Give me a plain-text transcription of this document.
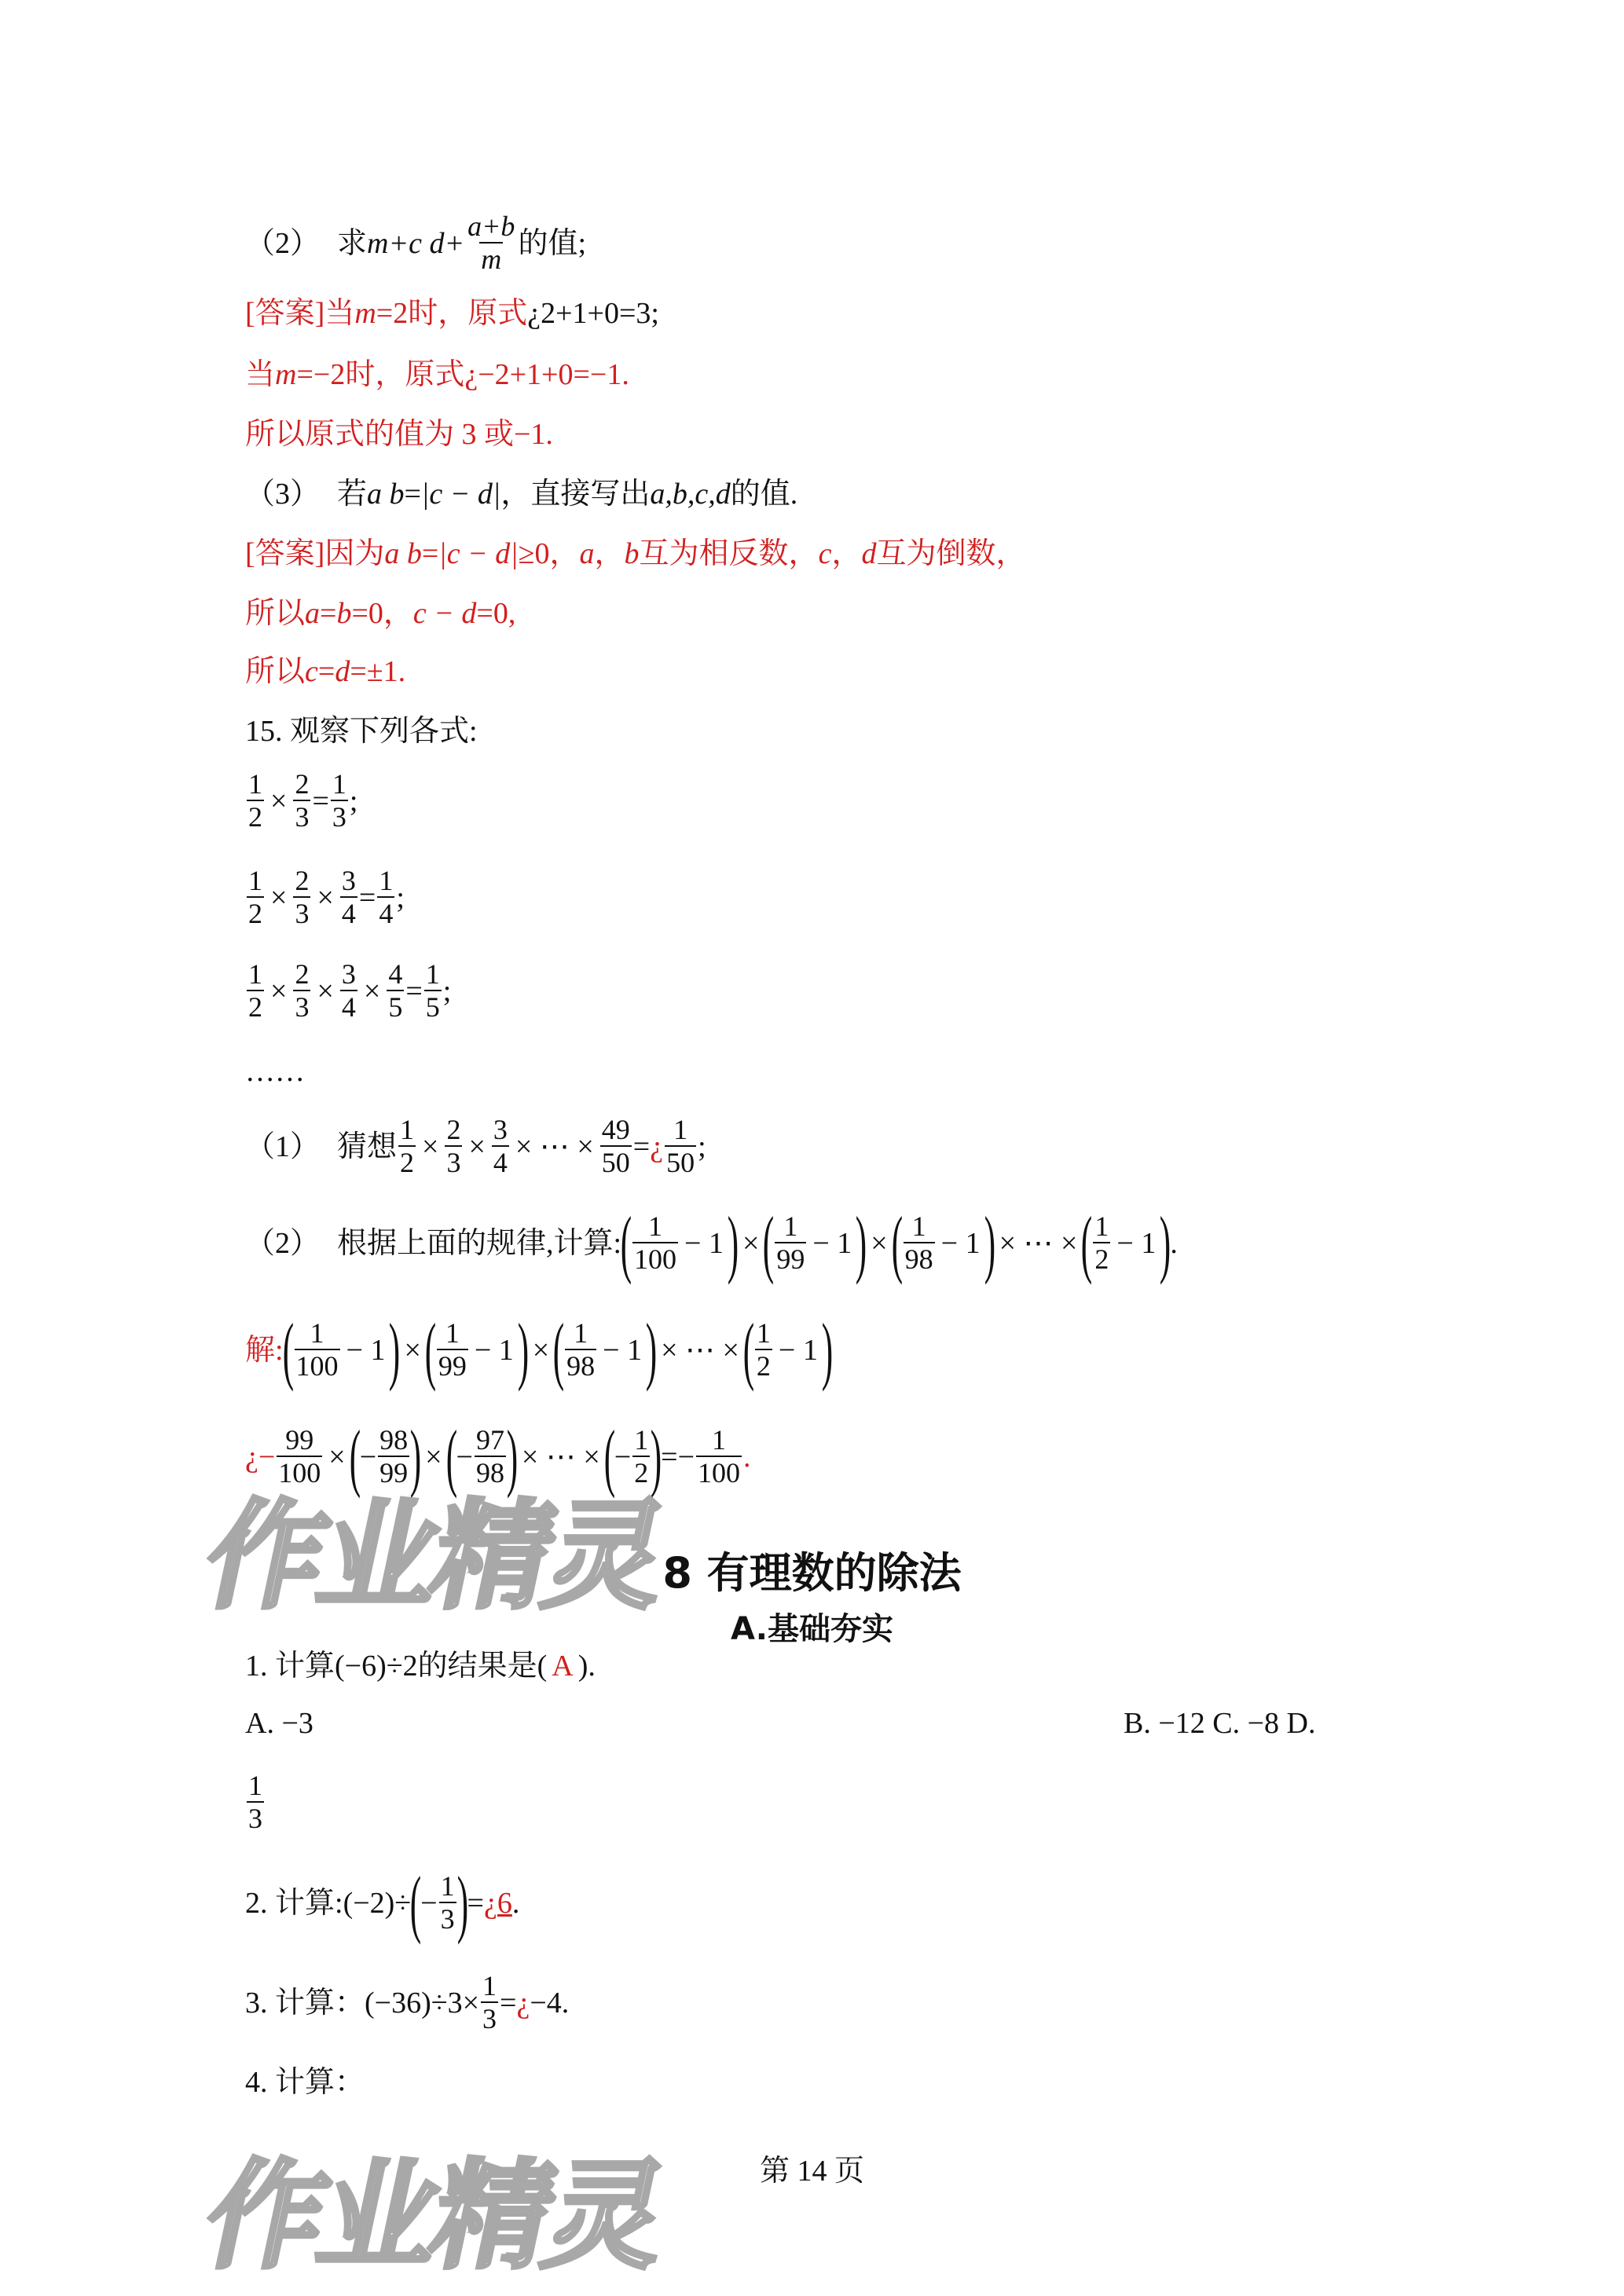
（2） 求 m +c $d+ \frac{a+b}{m}$ 的值;
[答案] 当 m =2时，原式 ¿2+1+0=3;
当 m =−2时，原式¿−2+1+0=−1.
所以原式的值为 3 或−1.
（3） 若 a b = |c − d| ，直接写出 a,b,c,d 的值.
[答案] 因为 a b = |c − d| ≥0， a ， b 互为相反数， c ， d 互为倒数，
所以 a = b =0， c − d =0,
所以 c = d =±1.
15. 观察下列各式:
$\frac{1}{2} \times \frac{2}{3} = \frac{1}{3}$ ;
$\frac{1}{2} \times \frac{2}{3} \times \frac{3}{4} = \frac{1}{4}$ ;
$\frac{1}{2} \times \frac{2}{3} \times \frac{3}{4} \times \frac{4}{5} = \frac{1}{5}$ ;
……
（1） 猜想 $\frac{1}{2} \times \frac{2}{3} \times \frac{3}{4}$ × ⋯ × $\frac{49}{50}$ = ¿ $\frac{1}{50}$ ;
（2） 根据上面的规律,计算:
( $\frac{1}{100} - 1$ ) × ( $\frac{1}{99} - 1$ ) × ( $\frac{1}{98} - 1$ ) × ⋯ × ( $\frac{1}{2} - 1$ )
.
解:
( $\frac{1}{100} - 1$ ) × ( $\frac{1}{99} - 1$ ) × ( $\frac{1}{98} - 1$ ) × ⋯ × ( $\frac{1}{2} - 1$ )
¿− $\frac{99}{100}$ × (
− $\frac{98}{99}$ ) × (
− $\frac{97}{98}$ ) × ⋯ × (
− $\frac{1}{2}$ )
=− $\frac{1}{100}$ .
8 有理数的除法
A.基础夯实
1. 计算 (−6)÷2 的结果是( A ).
A. −3	B. −12 C. −8 D.
$\frac{1}{3}$
2. 计算: (−2)÷
(
− $\frac{1}{3}$ )
= ¿ 6 .
3. 计算： $(-36)\div 3\times \frac{1}{3}$ = ¿ −4 .
4. 计算：
作业精灵
作业精灵	第 14 页
